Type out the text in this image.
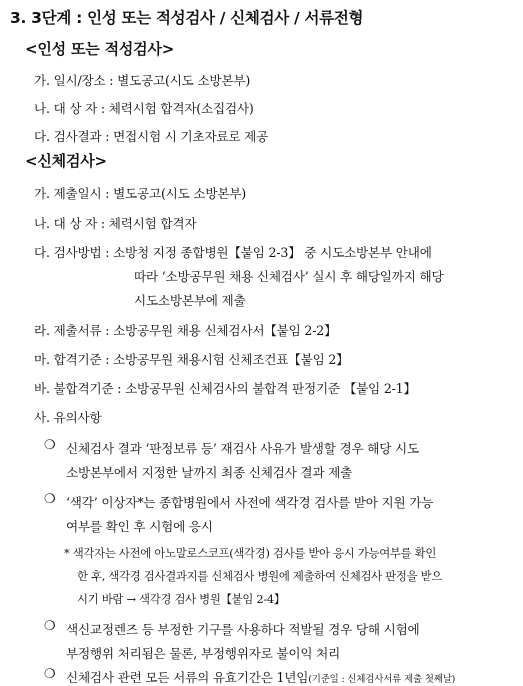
3. 3단계 : 인성 또는 적성검사 / 신체검사 / 서류전형
<인성 또는 적성검사>
가. 일시/장소 : 별도공고(시도 소방본부)
나. 대 상 자 : 체력시험 합격자(소집검사)
다. 검사결과 : 면접시험 시 기초자료로 제공
<신체검사>
가. 제출일시 : 별도공고(시도 소방본부)
나. 대 상 자 : 체력시험 합격자
다. 검사방법 : 소방청 지정 종합병원【붙임 2-3】 중 시도소방본부 안내에
따라 ‘소방공무원 채용 신체검사’ 실시 후 해당일까지 해당
시도소방본부에 제출
라. 제출서류 : 소방공무원 채용 신체검사서【붙임 2-2】
마. 합격기준 : 소방공무원 채용시험 신체조건표【붙임 2】
바. 불합격기준 : 소방공무원 신체검사의 불합격 판정기준 【붙임 2-1】
사. 유의사항
❍ 신체검사 결과 ‘판정보류 등’ 재검사 사유가 발생할 경우 해당 시도
소방본부에서 지정한 날까지 최종 신체검사 결과 제출
❍ ‘색각’ 이상자*는 종합병원에서 사전에 색각경 검사를 받아 지원 가능
여부를 확인 후 시험에 응시
* 색각자는 사전에 아노말로스코프(색각경) 검사를 받아 응시 가능여부를 확인
한 후, 색각경 검사결과지를 신체검사 병원에 제출하여 신체검사 판정을 받으
시기 바람 → 색각경 검사 병원【붙임 2-4】
❍ 색신교정렌즈 등 부정한 기구를 사용하다 적발될 경우 당해 시험에
부정행위 처리됨은 물론, 부정행위자로 불이익 처리
❍ 신체검사 관련 모든 서류의 유효기간은 1년임(기준일 : 신체검사서류 제출 첫째날)
